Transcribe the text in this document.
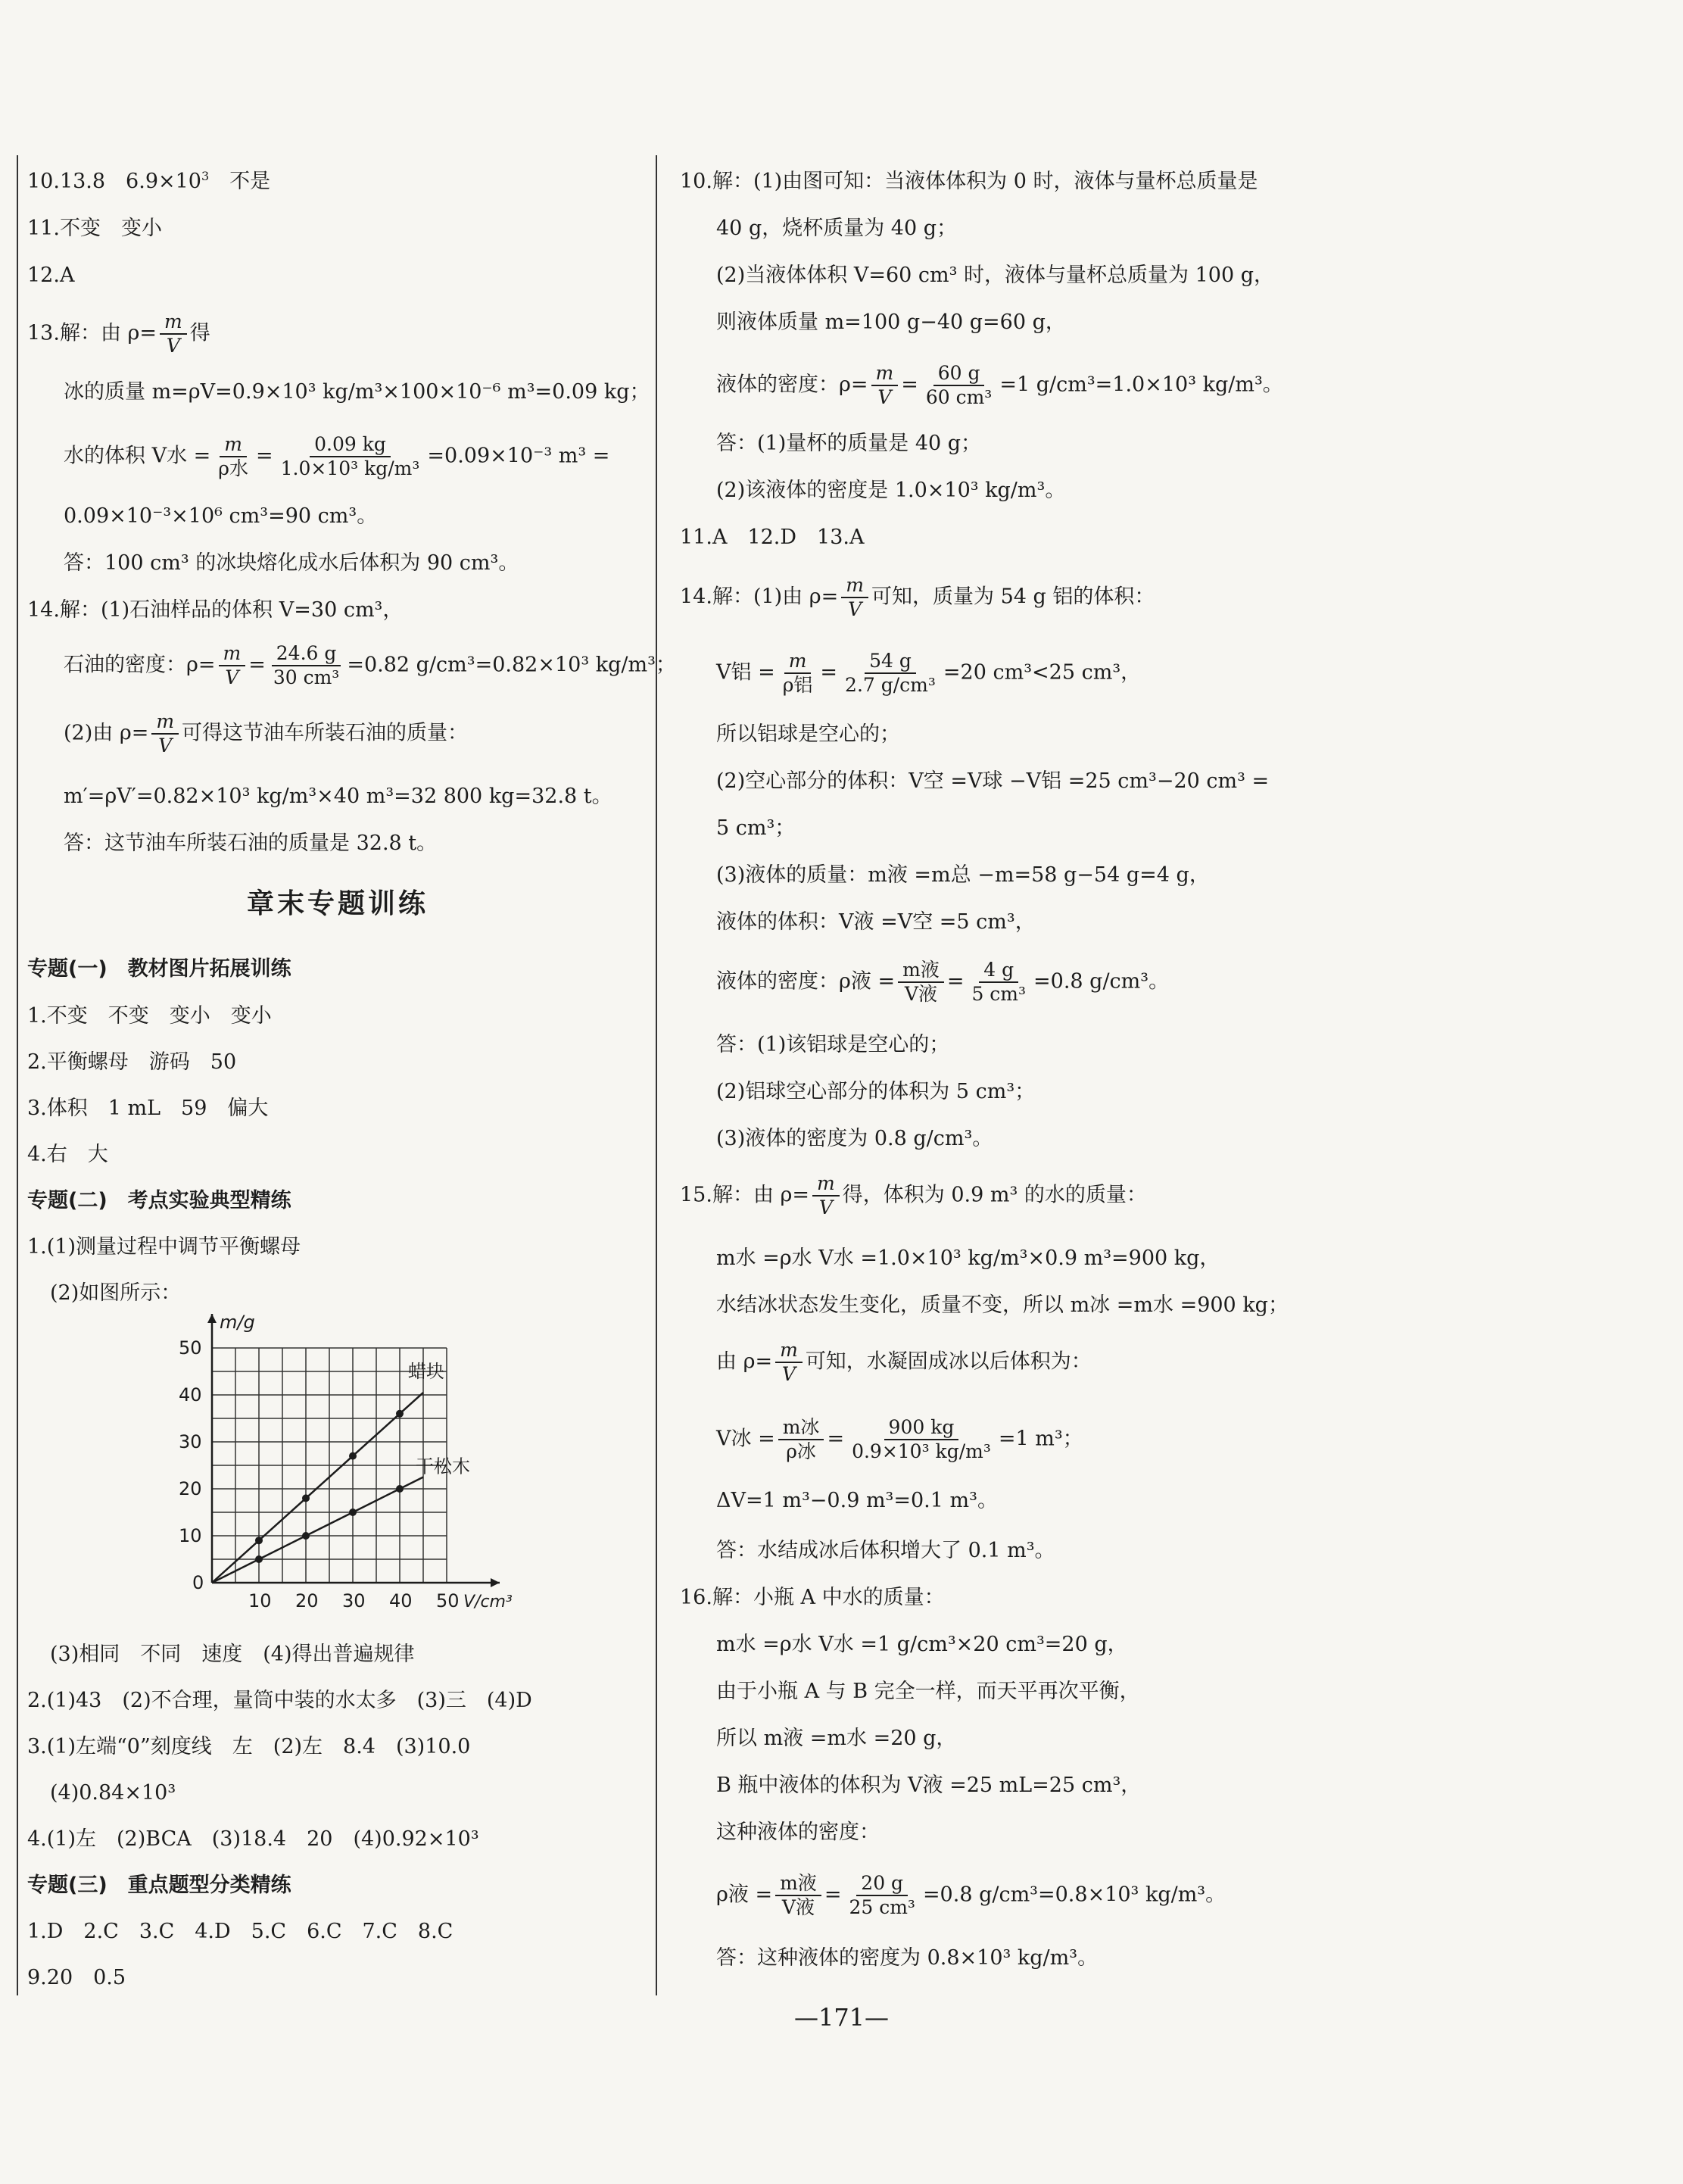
10.13.8　$6.9\times 10^3$　不是
11.不变　变小
12.A
13.解：由 $\rho= \frac{m}{V}$ 得
冰的质量 m=ρV=0.9×10³ kg/m³×100×10⁻⁶ m³=0.09 kg；
水的体积 V水 = $\frac{m}{\text{ρ水}} = \frac{0.09 kg}{\text{1.0×10³ kg/m³}} =0.09\times 10^{-3}$ m³ =
0.09×10⁻³×10⁶ cm³=90 cm³。
答：100 cm³ 的冰块熔化成水后体积为 90 cm³。
14.解：(1)石油样品的体积 V=30 cm³，
石油的密度：$\rho= \frac{m}{V} = \frac{24.6 g}{\text{30 cm³}} =0.82$ g/cm³=0.82×10³ kg/m³；
(2)由 $\rho= \frac{m}{V}$ 可得这节油车所装石油的质量：
m′=ρV′=0.82×10³ kg/m³×40 m³=32 800 kg=32.8 t。
答：这节油车所装石油的质量是 32.8 t。
章末专题训练
专题(一)　教材图片拓展训练
1.不变　不变　变小　变小
2.平衡螺母　游码　50
3.体积　1 mL　59　偏大
4.右　大
专题(二)　考点实验典型精练
1.(1)测量过程中调节平衡螺母
(2)如图所示：
(3)相同　不同　速度　(4)得出普遍规律
2.(1)43　(2)不合理，量筒中装的水太多　(3)三　(4)D
3.(1)左端“0”刻度线　左　(2)左　8.4　(3)10.0
(4)0.84×10³
4.(1)左　(2)BCA　(3)18.4　20　(4)0.92×10³
专题(三)　重点题型分类精练
1.D　2.C　3.C　4.D　5.C　6.C　7.C　8.C
9.20　0.5
0
10 20 30 40 50
10
20
30
40
50
m/g
V/cm³
蜡块
干松木
10.解：(1)由图可知：当液体体积为 0 时，液体与量杯总质量是
40 g，烧杯质量为 40 g；
(2)当液体体积 V=60 cm³ 时，液体与量杯总质量为 100 g，
则液体质量 m=100 g−40 g=60 g，
液体的密度：$\rho= \frac{m}{V} = \frac{60 g}{\text{60 cm³}} =1$ g/cm³=1.0×10³ kg/m³。
答：(1)量杯的质量是 40 g；
(2)该液体的密度是 1.0×10³ kg/m³。
11.A　12.D　13.A
14.解：(1)由 $\rho= \frac{m}{V}$ 可知，质量为 54 g 铝的体积：
V铝 = $\frac{m}{\text{ρ铝}} = \frac{54 g}{\text{2.7 g/cm³}} =20$ cm³<25 cm³，
所以铝球是空心的；
(2)空心部分的体积：V空 =V球 −V铝 =25 cm³−20 cm³ =
5 cm³；
(3)液体的质量：m液 =m总 −m=58 g−54 g=4 g，
液体的体积：V液 =V空 =5 cm³，
液体的密度：ρ液 = $\frac{\text{m液}}{\text{V液}} = \frac{4 g}{\text{5 cm³}} =0.8$ g/cm³。
答：(1)该铝球是空心的；
(2)铝球空心部分的体积为 5 cm³；
(3)液体的密度为 0.8 g/cm³。
15.解：由 $\rho= \frac{m}{V}$ 得，体积为 0.9 m³ 的水的质量：
m水 =ρ水 V水 =1.0×10³ kg/m³×0.9 m³=900 kg，
水结冰状态发生变化，质量不变，所以 m冰 =m水 =900 kg；
由 $\rho= \frac{m}{V}$ 可知，水凝固成冰以后体积为：
V冰 = $\frac{\text{m冰}}{\text{ρ冰}} = \frac{900 kg}{\text{0.9×10³ kg/m³}} =1$ m³；
ΔV=1 m³−0.9 m³=0.1 m³。
答：水结成冰后体积增大了 0.1 m³。
16.解：小瓶 A 中水的质量：
m水 =ρ水 V水 =1 g/cm³×20 cm³=20 g，
由于小瓶 A 与 B 完全一样，而天平再次平衡，
所以 m液 =m水 =20 g，
B 瓶中液体的体积为 V液 =25 mL=25 cm³，
这种液体的密度：
ρ液 = $\frac{\text{m液}}{\text{V液}} = \frac{20 g}{\text{25 cm³}} =0.8$ g/cm³=0.8×10³ kg/m³。
答：这种液体的密度为 0.8×10³ kg/m³。
—171—
